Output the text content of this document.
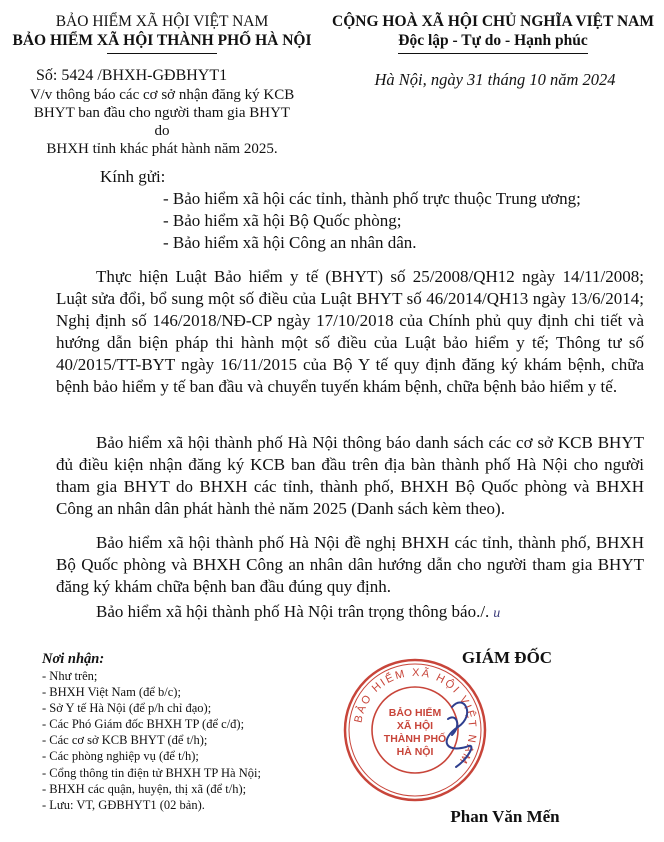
BẢO HIỂM XÃ HỘI VIỆT NAM
BẢO HIỂM XÃ HỘI THÀNH PHỐ HÀ NỘI
CỘNG HOÀ XÃ HỘI CHỦ NGHĨA VIỆT NAM
Độc lập - Tự do - Hạnh phúc
Số: 5424 /BHXH-GĐBHYT1
V/v thông báo các cơ sở nhận đăng ký KCB
BHYT ban đầu cho người tham gia BHYT do
BHXH tỉnh khác phát hành năm 2025.
Hà Nội, ngày 31 tháng 10 năm 2024
Kính gửi:
- Bảo hiểm xã hội các tỉnh, thành phố trực thuộc Trung ương;
- Bảo hiểm xã hội Bộ Quốc phòng;
- Bảo hiểm xã hội Công an nhân dân.

Thực hiện Luật Bảo hiểm y tế (BHYT) số 25/2008/QH12 ngày 14/11/2008; Luật sửa đổi, bổ sung một số điều của Luật BHYT số 46/2014/QH13 ngày 13/6/2014; Nghị định số 146/2018/NĐ-CP ngày 17/10/2018 của Chính phủ quy định chi tiết và hướng dẫn biện pháp thi hành một số điều của Luật bảo hiểm y tế; Thông tư số 40/2015/TT-BYT ngày 16/11/2015 của Bộ Y tế quy định đăng ký khám bệnh, chữa bệnh bảo hiểm y tế ban đầu và chuyển tuyến khám bệnh, chữa bệnh bảo hiểm y tế.

Bảo hiểm xã hội thành phố Hà Nội thông báo danh sách các cơ sở KCB BHYT đủ điều kiện nhận đăng ký KCB ban đầu trên địa bàn thành phố Hà Nội cho người tham gia BHYT do BHXH các tỉnh, thành phố, BHXH Bộ Quốc phòng và BHXH Công an nhân dân phát hành thẻ năm 2025 (Danh sách kèm theo).

Bảo hiểm xã hội thành phố Hà Nội đề nghị BHXH các tỉnh, thành phố, BHXH Bộ Quốc phòng và BHXH Công an nhân dân hướng dẫn cho người tham gia BHYT đăng ký khám chữa bệnh ban đầu đúng quy định.

Bảo hiểm xã hội thành phố Hà Nội trân trọng thông báo./. u
Nơi nhận:
- Như trên;
- BHXH Việt Nam (để b/c);
- Sở Y tế Hà Nội (để p/h chỉ đạo);
- Các Phó Giám đốc BHXH TP (để c/đ);
- Các cơ sở KCB BHYT (để t/h);
- Các phòng nghiệp vụ (để t/h);
- Cổng thông tin điện tử BHXH TP Hà Nội;
- BHXH các quận, huyện, thị xã (để t/h);
- Lưu: VT, GĐBHYT1 (02 bản).
GIÁM ĐỐC
BẢO HIỂM XÃ HỘI VIỆT NAM
BẢO HIỂM
XÃ HỘI
THÀNH PHỐ
HÀ NỘI
Phan Văn Mến
